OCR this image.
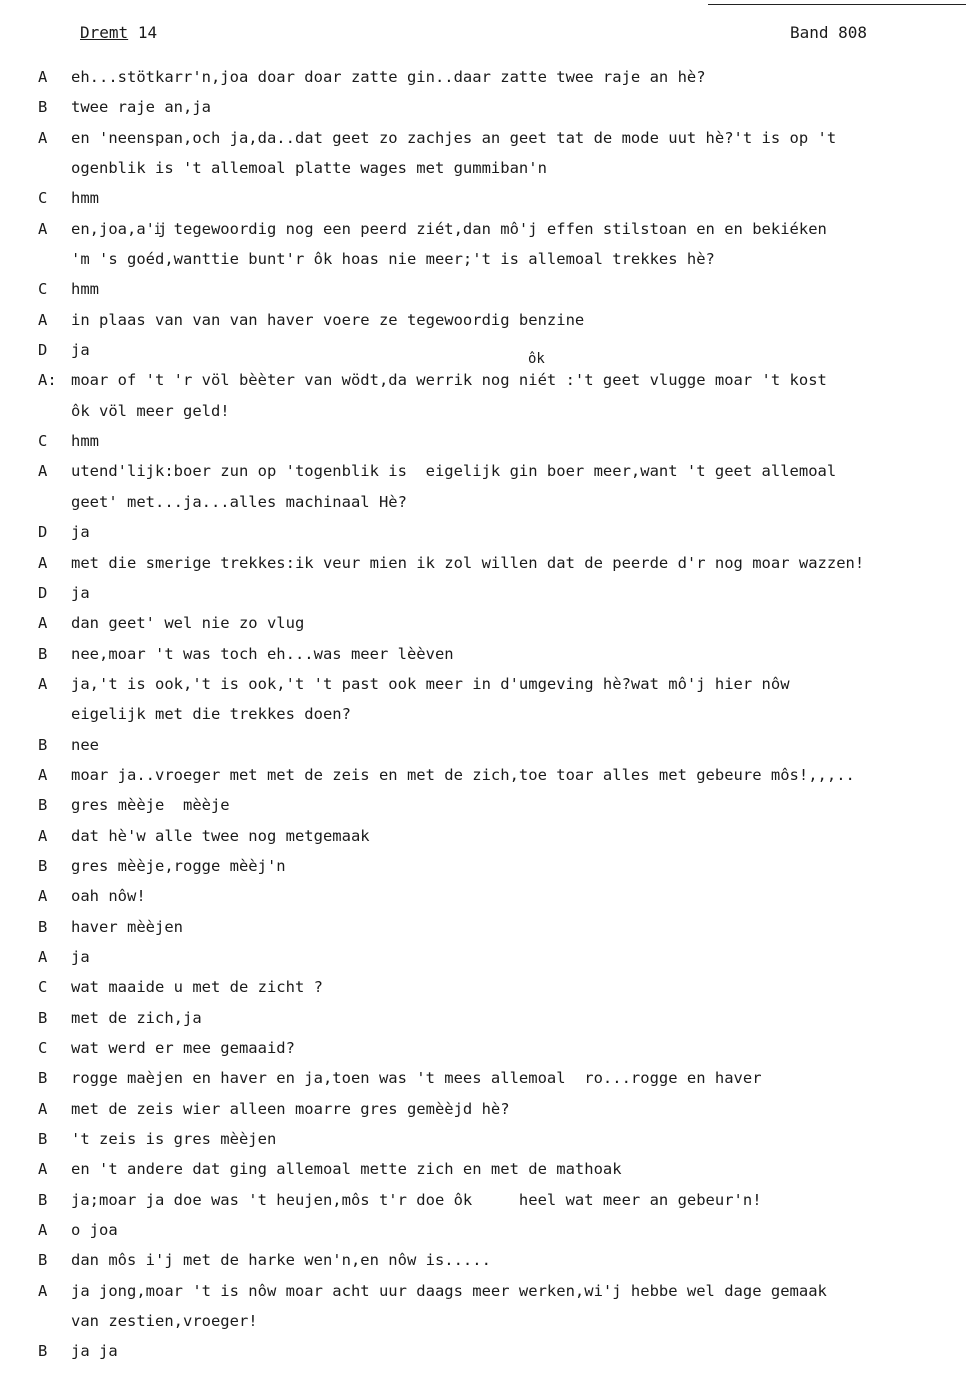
Dremt 14	Band 808
A	eh...stötkarr'n,joa doar doar zatte gin..daar zatte twee raje an hè?
B	twee raje an,ja
A	en 'neenspan,och ja,da..dat geet zo zachjes an geet tat de mode uut hè?'t is op 't
ogenblik is 't allemoal platte wages met gummiban'n
C	hmm
A	en,joa,a'ĳ tegewoordig nog een peerd ziét,dan mô'j effen stilstoan en en bekiéken
'm 's goéd,wanttie bunt'r ôk hoas nie meer;'t is allemoal trekkes hè?
C	hmm
A	in plaas van van van haver voere ze tegewoordig benzine
D	ja
A: moar of 't 'r völ bèèter van wödt,da werrik nog niét :'t geet vlugge moar 't kost
ôk
ôk völ meer geld!
C	hmm
A	utend'lijk:boer zun op 'togenblik is  eigelijk gin boer meer,want 't geet allemoal
geet' met...ja...alles machinaal Hè?
D	ja
A	met die smerige trekkes:ik veur mien ik zol willen dat de peerde d'r nog moar wazzen!
D	ja
A	dan geet' wel nie zo vlug
B	nee,moar 't was toch eh...was meer lèèven
A	ja,'t is ook,'t is ook,'t 't past ook meer in d'umgeving hè?wat mô'j hier nôw
eigelijk met die trekkes doen?
B	nee
A	moar ja..vroeger met met de zeis en met de zich,toe toar alles met gebeure môs!,,,..
B	gres mèèje  mèèje
A	dat hè'w alle twee nog metgemaak
B	gres mèèje,rogge mèèj'n
A	oah nôw!
B	haver mèèjen
A	ja
C	wat maaide u met de zicht ?
B	met de zich,ja
C	wat werd er mee gemaaid?
B	rogge maèjen en haver en ja,toen was 't mees allemoal  ro...rogge en haver
A	met de zeis wier alleen moarre gres gemèèjd hè?
B	't zeis is gres mèèjen
A	en 't andere dat ging allemoal mette zich en met de mathoak
B	ja;moar ja doe was 't heujen,môs t'r doe ôk     heel wat meer an gebeur'n!
A	o joa
B	dan môs i'j met de harke wen'n,en nôw is.....
A	ja jong,moar 't is nôw moar acht uur daags meer werken,wi'j hebbe wel dage gemaak
van zestien,vroeger!
B	ja ja
